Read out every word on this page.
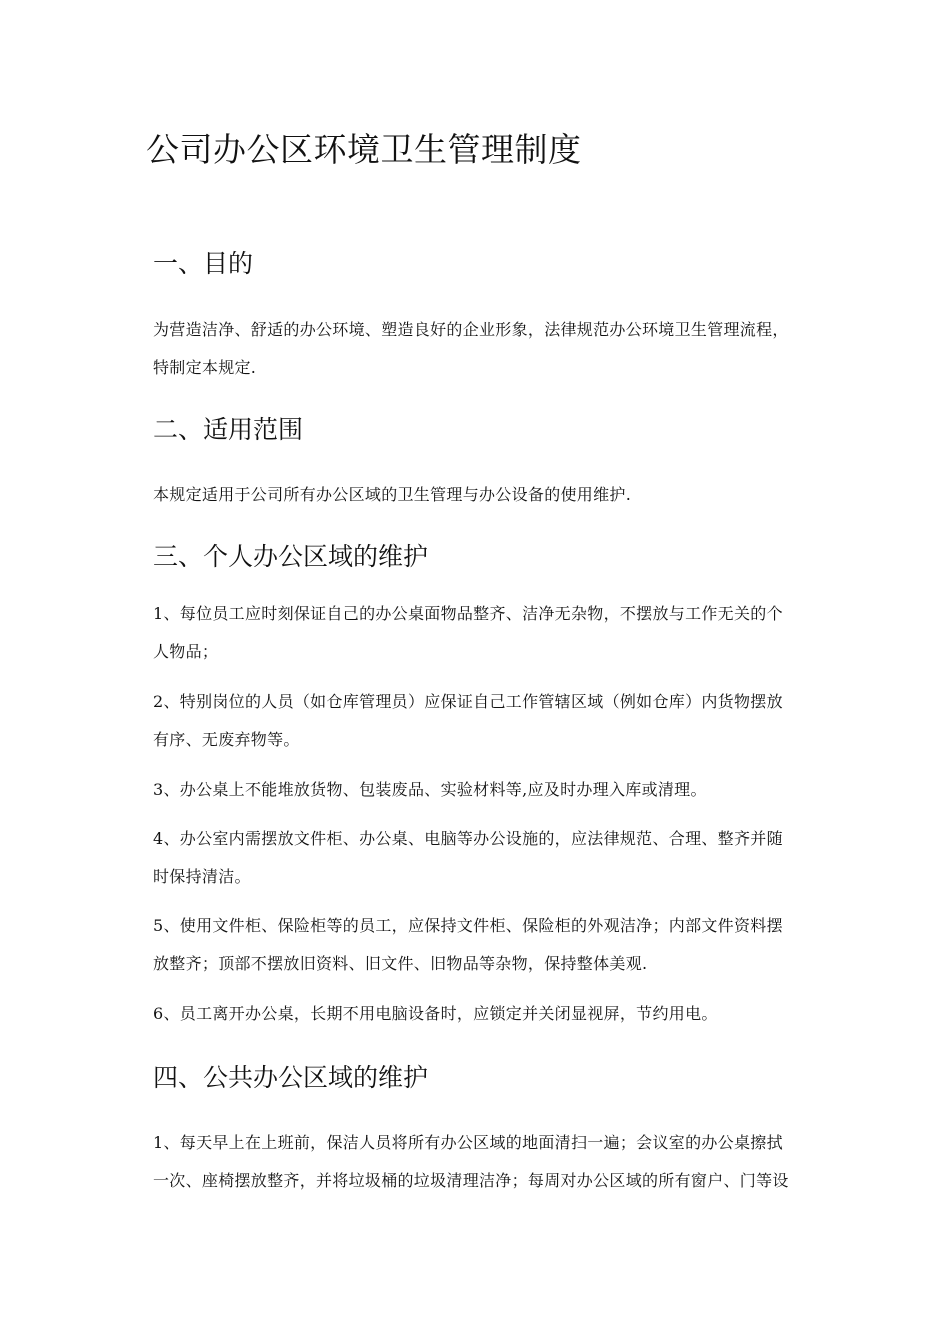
公司办公区环境卫生管理制度
一、目的

为营造洁净、舒适的办公环境、塑造良好的企业形象，法律规范办公环境卫生管理流程，
特制定本规定.

二、适用范围

本规定适用于公司所有办公区域的卫生管理与办公设备的使用维护.

三、个人办公区域的维护

1、每位员工应时刻保证自己的办公桌面物品整齐、洁净无杂物，不摆放与工作无关的个
人物品；

2、特别岗位的人员（如仓库管理员）应保证自己工作管辖区域（例如仓库）内货物摆放
有序、无废弃物等。

3、办公桌上不能堆放货物、包装废品、实验材料等,应及时办理入库或清理。

4、办公室内需摆放文件柜、办公桌、电脑等办公设施的，应法律规范、合理、整齐并随
时保持清洁。

5、使用文件柜、保险柜等的员工，应保持文件柜、保险柜的外观洁净；内部文件资料摆
放整齐；顶部不摆放旧资料、旧文件、旧物品等杂物，保持整体美观.

6、员工离开办公桌，长期不用电脑设备时，应锁定并关闭显视屏，节约用电。

四、公共办公区域的维护

1、每天早上在上班前，保洁人员将所有办公区域的地面清扫一遍；会议室的办公桌擦拭
一次、座椅摆放整齐，并将垃圾桶的垃圾清理洁净；每周对办公区域的所有窗户、门等设
